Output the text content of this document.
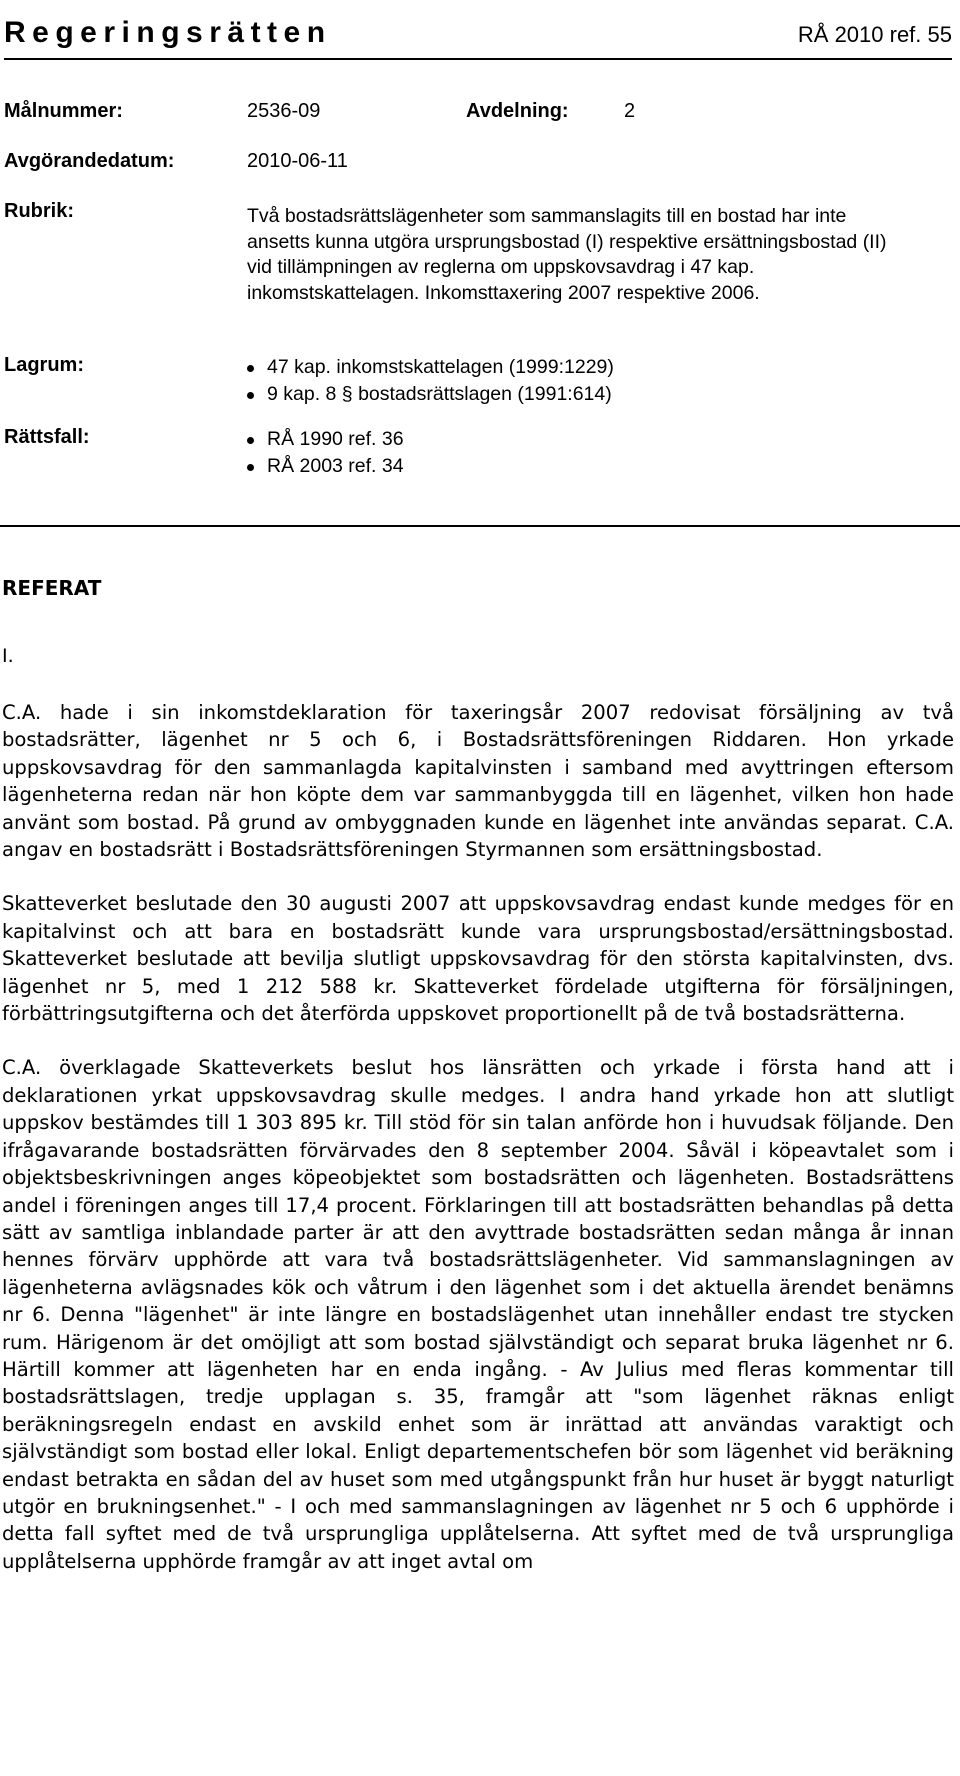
Regeringsrätten	RÅ 2010 ref. 55
Målnummer:	2536-09	Avdelning:	2
Avgörandedatum:	2010-06-11
Rubrik:	Två bostadsrättslägenheter som sammanslagits till en bostad har inte ansetts kunna utgöra ursprungsbostad (I) respektive ersättningsbostad (II) vid tillämpningen av reglerna om uppskovsavdrag i 47 kap. inkomstskattelagen. Inkomsttaxering 2007 respektive 2006.
Lagrum:	47 kap. inkomstskattelagen (1999:1229)
9 kap. 8 § bostadsrättslagen (1991:614)
Rättsfall:	RÅ 1990 ref. 36
RÅ 2003 ref. 34
REFERAT
I.

C.A. hade i sin inkomstdeklaration för taxeringsår 2007 redovisat försäljning av två bostadsrätter, lägenhet nr 5 och 6, i Bostadsrättsföreningen Riddaren. Hon yrkade uppskovsavdrag för den sammanlagda kapitalvinsten i samband med avyttringen eftersom lägenheterna redan när hon köpte dem var sammanbyggda till en lägenhet, vilken hon hade använt som bostad. På grund av ombyggnaden kunde en lägenhet inte användas separat. C.A. angav en bostadsrätt i Bostadsrättsföreningen Styrmannen som ersättningsbostad.

Skatteverket beslutade den 30 augusti 2007 att uppskovsavdrag endast kunde medges för en kapitalvinst och att bara en bostadsrätt kunde vara ursprungsbostad/ersättningsbostad. Skatteverket beslutade att bevilja slutligt uppskovsavdrag för den största kapitalvinsten, dvs. lägenhet nr 5, med 1 212 588 kr. Skatteverket fördelade utgifterna för försäljningen, förbättringsutgifterna och det återförda uppskovet proportionellt på de två bostadsrätterna.

C.A. överklagade Skatteverkets beslut hos länsrätten och yrkade i första hand att i deklarationen yrkat uppskovsavdrag skulle medges. I andra hand yrkade hon att slutligt uppskov bestämdes till 1 303 895 kr. Till stöd för sin talan anförde hon i huvudsak följande. Den ifrågavarande bostadsrätten förvärvades den 8 september 2004. Såväl i köpeavtalet som i objektsbeskrivningen anges köpeobjektet som bostadsrätten och lägenheten. Bostadsrättens andel i föreningen anges till 17,4 procent. Förklaringen till att bostadsrätten behandlas på detta sätt av samtliga inblandade parter är att den avyttrade bostadsrätten sedan många år innan hennes förvärv upphörde att vara två bostadsrättslägenheter. Vid sammanslagningen av lägenheterna avlägsnades kök och våtrum i den lägenhet som i det aktuella ärendet benämns nr 6. Denna "lägenhet" är inte längre en bostadslägenhet utan innehåller endast tre stycken rum. Härigenom är det omöjligt att som bostad självständigt och separat bruka lägenhet nr 6. Härtill kommer att lägenheten har en enda ingång. - Av Julius med fleras kommentar till bostadsrättslagen, tredje upplagan s. 35, framgår att "som lägenhet räknas enligt beräkningsregeln endast en avskild enhet som är inrättad att användas varaktigt och självständigt som bostad eller lokal. Enligt departementschefen bör som lägenhet vid beräkning endast betrakta en sådan del av huset som med utgångspunkt från hur huset är byggt naturligt utgör en brukningsenhet." - I och med sammanslagningen av lägenhet nr 5 och 6 upphörde i detta fall syftet med de två ursprungliga upplåtelserna. Att syftet med de två ursprungliga upplåtelserna upphörde framgår av att inget avtal om
